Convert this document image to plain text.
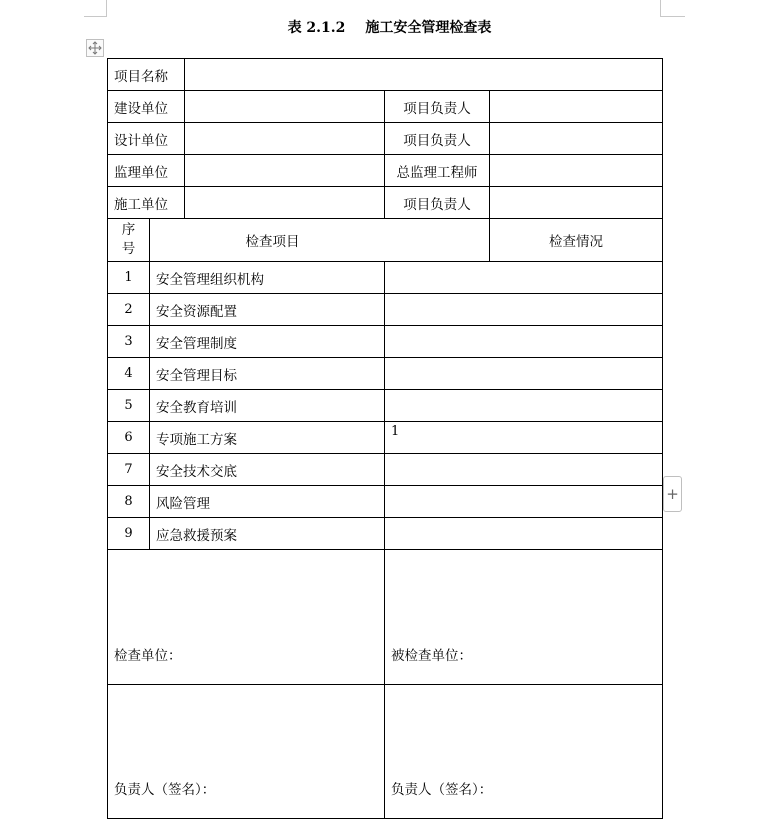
表 2.1.2 施工安全管理检查表
+
项目名称				
建设单位			项目负责人	
设计单位			项目负责人	
监理单位			总监理工程师	
施工单位			项目负责人	
序号	检查项目			检查情况
1	安全管理组织机构			
2	安全资源配置			
3	安全管理制度			
4	安全管理目标			
5	安全教育培训			
6	专项施工方案		1	
7	安全技术交底			
8	风险管理			
9	应急救援预案			
检查单位：			被检查单位：	
负责人（签名）：			负责人（签名）：	
